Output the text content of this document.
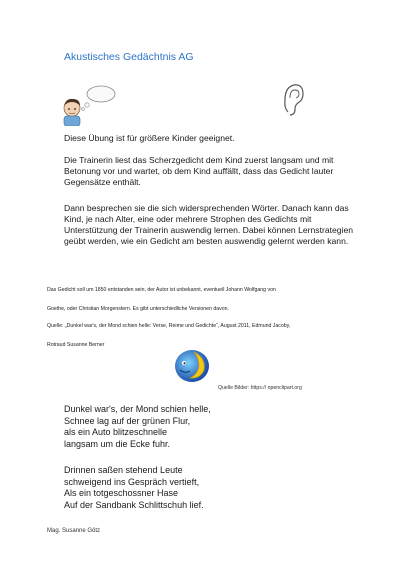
Akustisches Gedächtnis AG
Diese Übung ist für größere Kinder geeignet.
Die Trainerin liest das Scherzgedicht dem Kind zuerst langsam und mit Betonung vor und wartet, ob dem Kind auffällt, dass das Gedicht lauter Gegensätze enthält.
Dann besprechen sie die sich widersprechenden Wörter. Danach kann das Kind, je nach Alter, eine oder mehrere Strophen des Gedichts mit Unterstützung der Trainerin auswendig lernen. Dabei können Lernstrategien geübt werden, wie ein Gedicht am besten auswendig gelernt werden kann.
Das Gedicht soll um 1850 entstanden sein, der Autor ist unbekannt, eventuell Johann Wolfgang von
Goethe, oder Christian Morgenstern. Es gibt unterschiedliche Versionen davon.
Quelle: „Dunkel war's, der Mond schien helle: Verse, Reime und Gedichte“, August 2011, Edmund Jacoby,
Rotraud Susanne Berner
Quelle Bilder: https:// openclipart.org
Dunkel war's, der Mond schien helle,
Schnee lag auf der grünen Flur,
als ein Auto blitzeschnelle
langsam um die Ecke fuhr.
Drinnen saßen stehend Leute
schweigend ins Gespräch vertieft,
Als ein totgeschossner Hase
Auf der Sandbank Schlittschuh lief.
Mag. Susanne Götz
